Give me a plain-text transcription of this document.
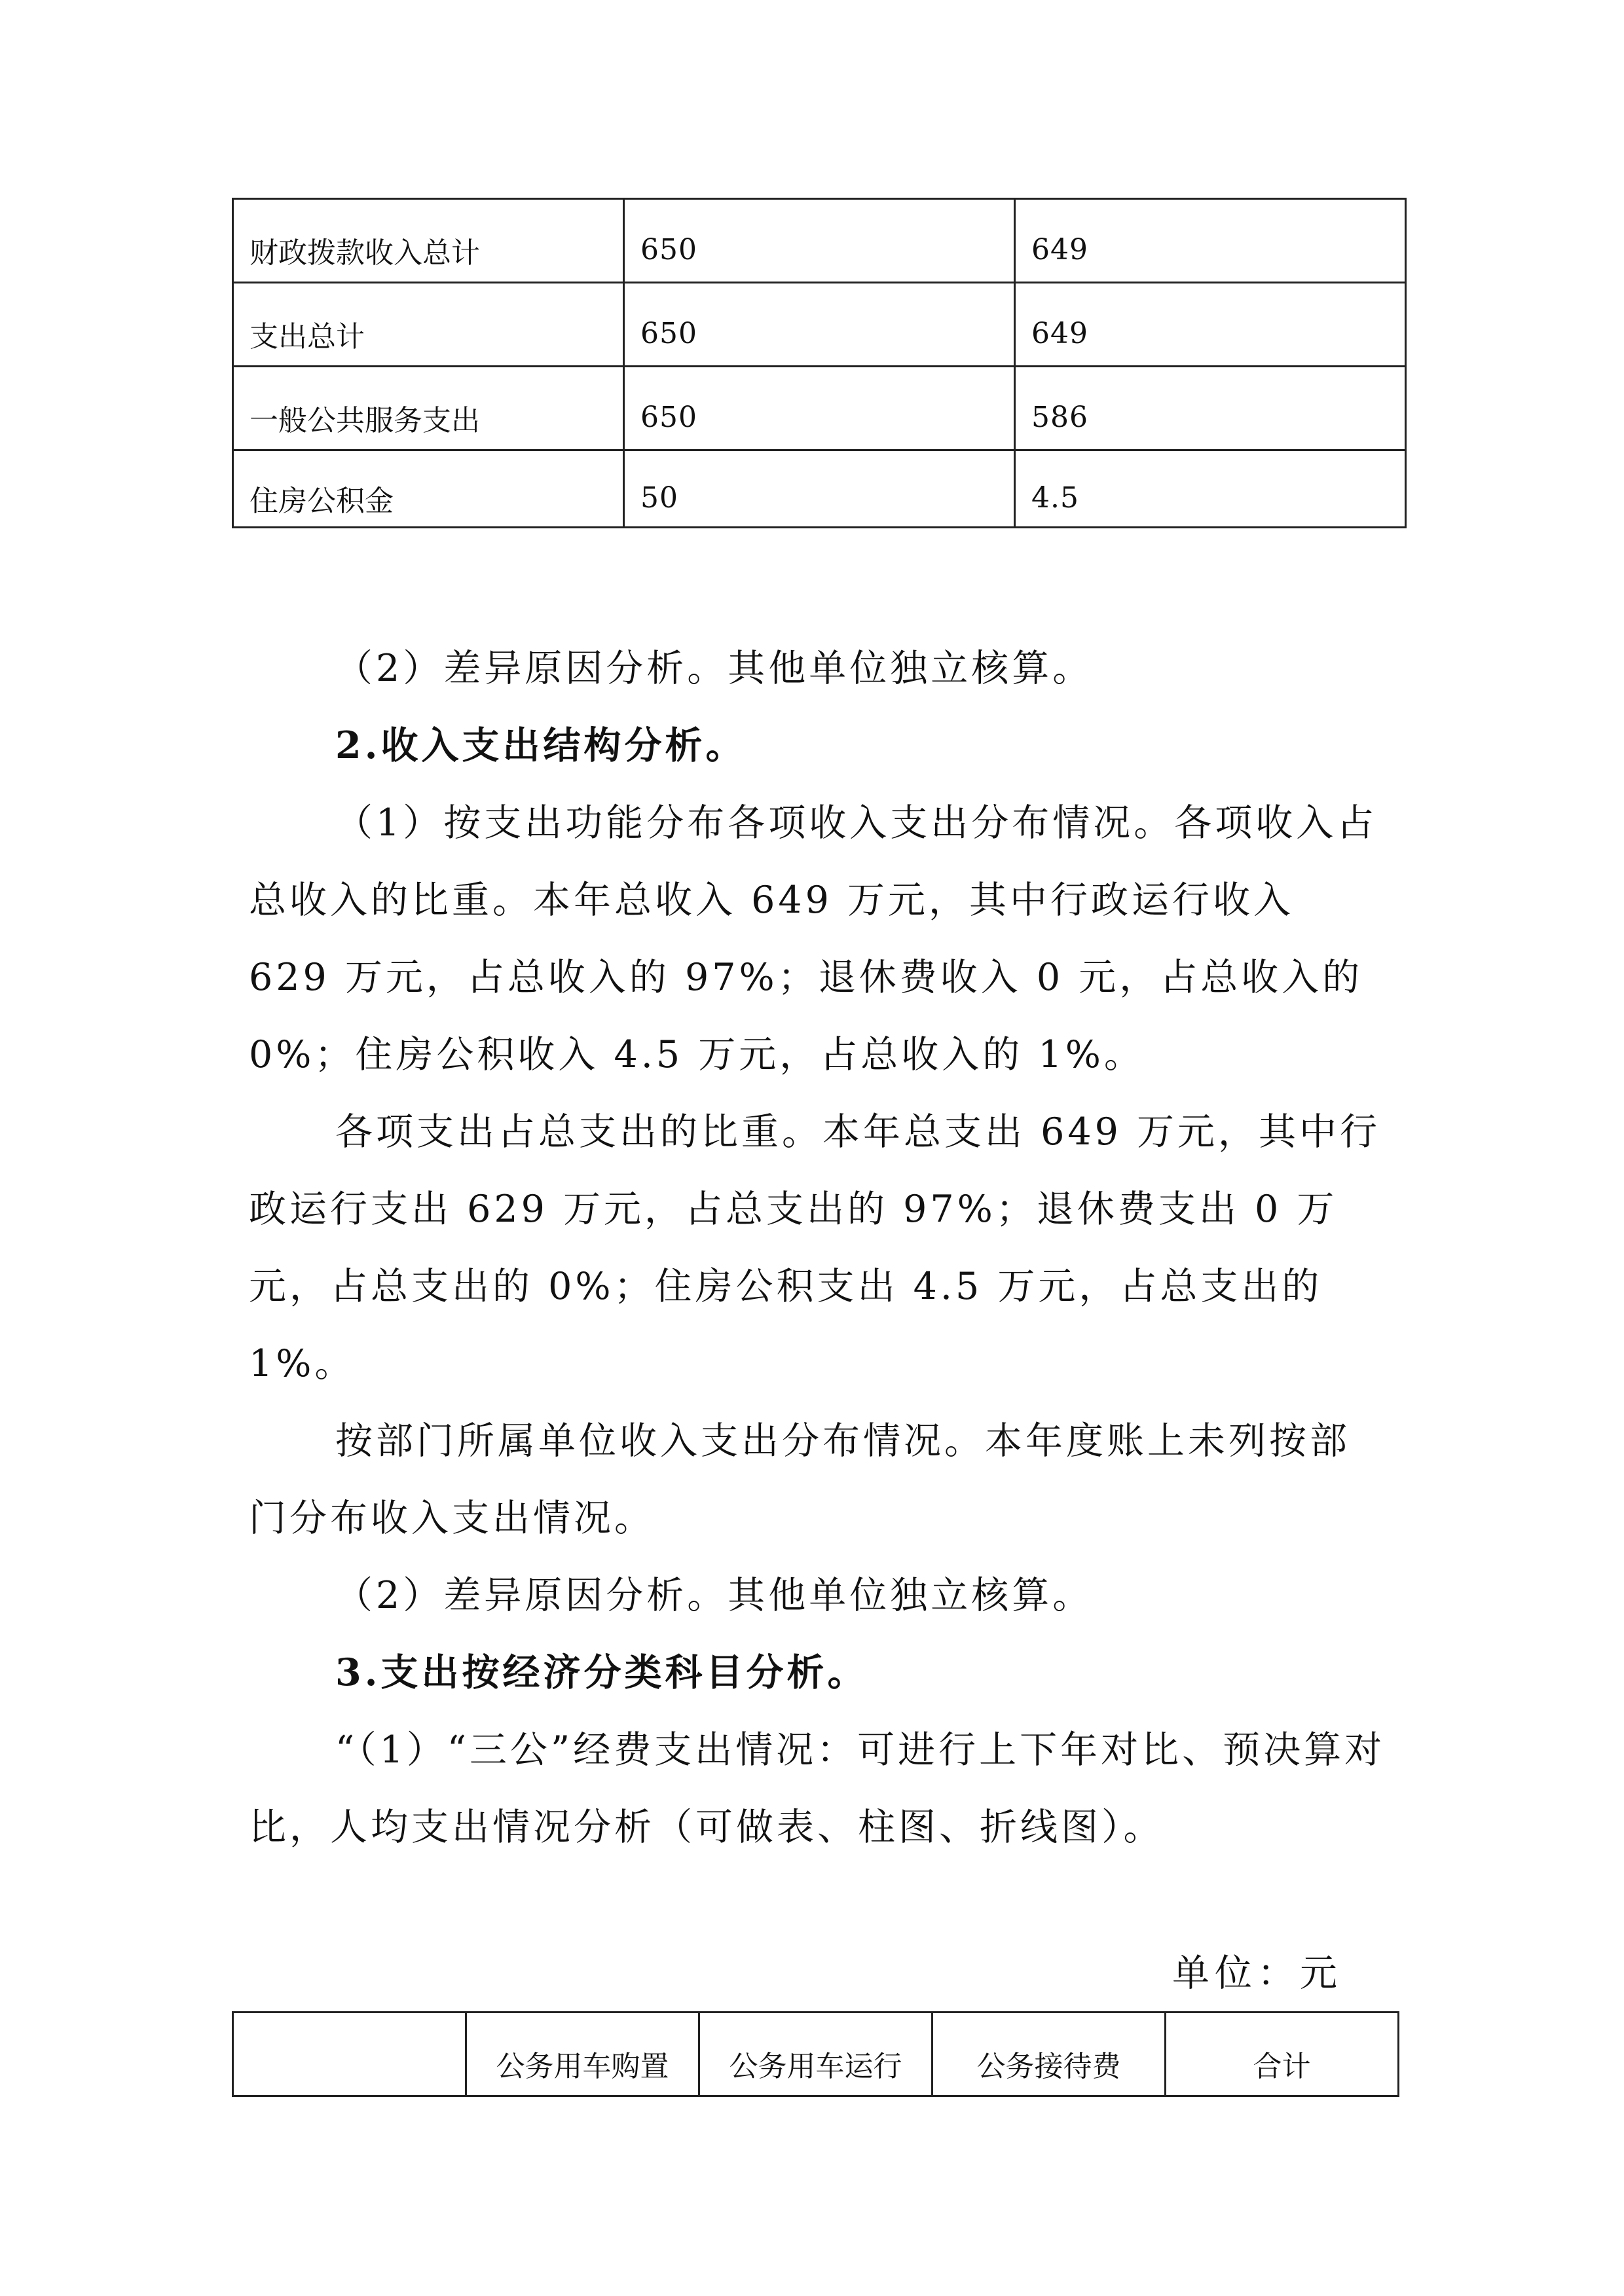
财政拨款收入总计	650	649
支出总计	650	649
一般公共服务支出	650	586
住房公积金	50	4.5

（2）差异原因分析。其他单位独立核算。

2.收入支出结构分析。

（1）按支出功能分布各项收入支出分布情况。各项收入占总收入的比重。本年总收入 649 万元，其中行政运行收入 629 万元，占总收入的 97%；退休费收入 0 元，占总收入的 0%；住房公积收入 4.5 万元，占总收入的 1%。

各项支出占总支出的比重。本年总支出 649 万元，其中行政运行支出 629 万元，占总支出的 97%；退休费支出 0 万元，占总支出的 0%；住房公积支出 4.5 万元，占总支出的 1%。

按部门所属单位收入支出分布情况。本年度账上未列按部门分布收入支出情况。

（2）差异原因分析。其他单位独立核算。

3.支出按经济分类科目分析。

“（1）“三公”经费支出情况：可进行上下年对比、预决算对比，人均支出情况分析（可做表、柱图、折线图）。

单位：元
	公务用车购置	公务用车运行	公务接待费	合计
